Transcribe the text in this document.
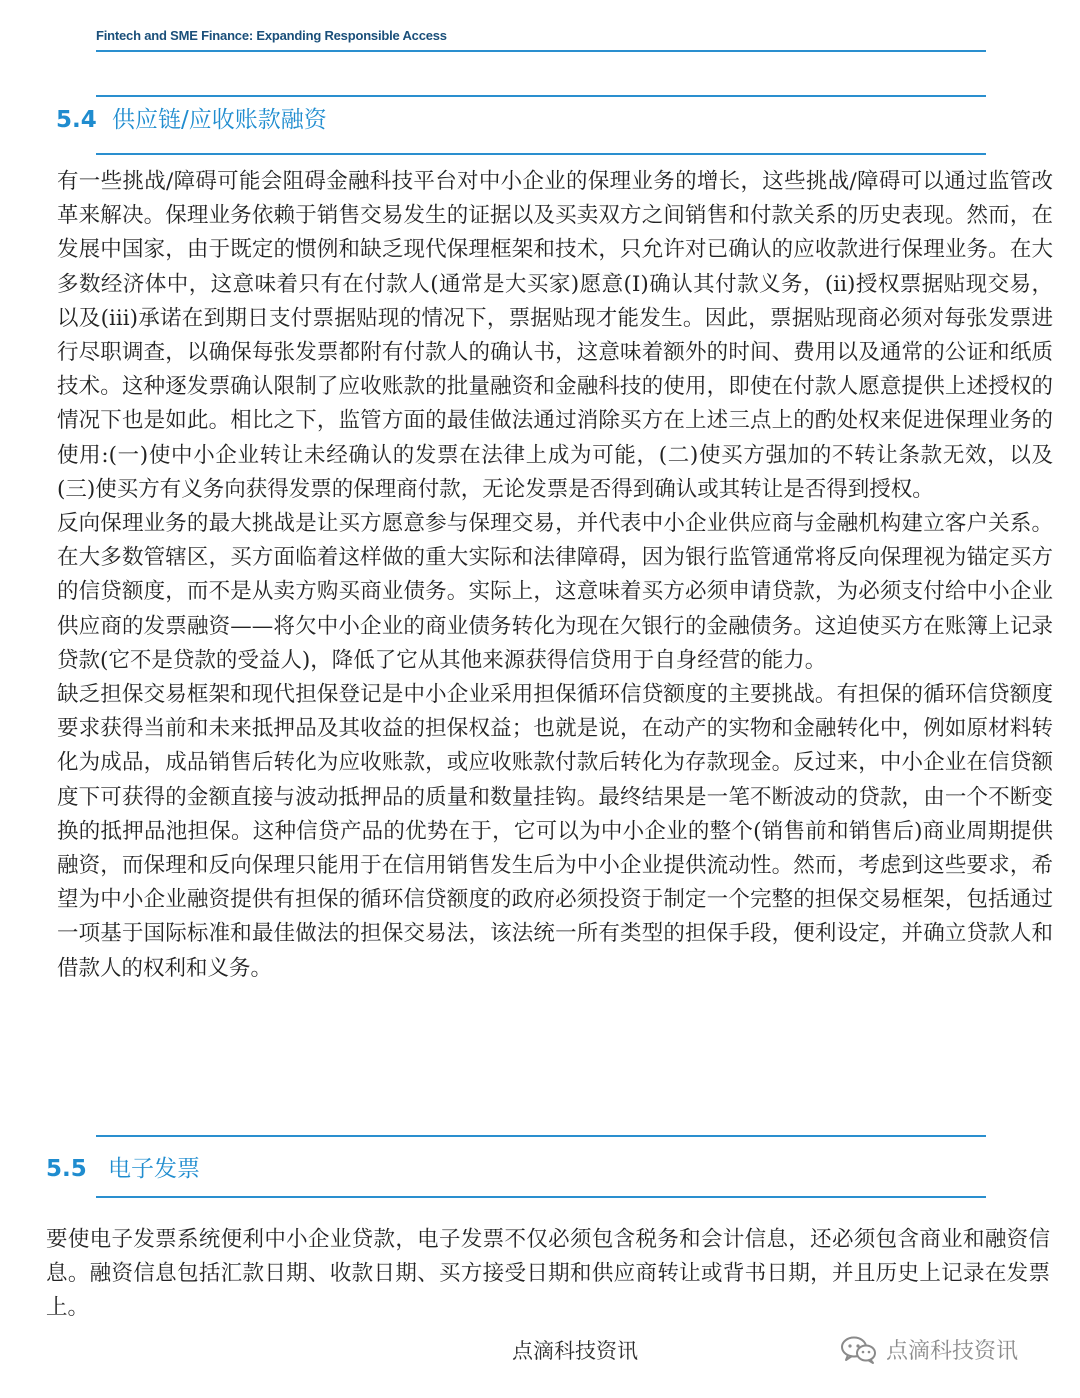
Fintech and SME Finance: Expanding Responsible Access
5.4 供应链/应收账款融资

有一些挑战/障碍可能会阻碍金融科技平台对中小企业的保理业务的增长，这些挑战/障碍可以通过监管改革来解决。保理业务依赖于销售交易发生的证据以及买卖双方之间销售和付款关系的历史表现。然而，在发展中国家，由于既定的惯例和缺乏现代保理框架和技术，只允许对已确认的应收款进行保理业务。在大多数经济体中，这意味着只有在付款人(通常是大买家)愿意(I)确认其付款义务，(ii)授权票据贴现交易，以及(iii)承诺在到期日支付票据贴现的情况下，票据贴现才能发生。因此，票据贴现商必须对每张发票进行尽职调查，以确保每张发票都附有付款人的确认书，这意味着额外的时间、费用以及通常的公证和纸质技术。这种逐发票确认限制了应收账款的批量融资和金融科技的使用，即使在付款人愿意提供上述授权的情况下也是如此。相比之下，监管方面的最佳做法通过消除买方在上述三点上的酌处权来促进保理业务的使用:(一)使中小企业转让未经确认的发票在法律上成为可能，(二)使买方强加的不转让条款无效，以及(三)使买方有义务向获得发票的保理商付款，无论发票是否得到确认或其转让是否得到授权。

反向保理业务的最大挑战是让买方愿意参与保理交易，并代表中小企业供应商与金融机构建立客户关系。在大多数管辖区，买方面临着这样做的重大实际和法律障碍，因为银行监管通常将反向保理视为锚定买方的信贷额度，而不是从卖方购买商业债务。实际上，这意味着买方必须申请贷款，为必须支付给中小企业供应商的发票融资——将欠中小企业的商业债务转化为现在欠银行的金融债务。这迫使买方在账簿上记录贷款(它不是贷款的受益人)，降低了它从其他来源获得信贷用于自身经营的能力。

缺乏担保交易框架和现代担保登记是中小企业采用担保循环信贷额度的主要挑战。有担保的循环信贷额度要求获得当前和未来抵押品及其收益的担保权益；也就是说，在动产的实物和金融转化中，例如原材料转化为成品，成品销售后转化为应收账款，或应收账款付款后转化为存款现金。反过来，中小企业在信贷额度下可获得的金额直接与波动抵押品的质量和数量挂钩。最终结果是一笔不断波动的贷款，由一个不断变换的抵押品池担保。这种信贷产品的优势在于，它可以为中小企业的整个(销售前和销售后)商业周期提供融资，而保理和反向保理只能用于在信用销售发生后为中小企业提供流动性。然而，考虑到这些要求，希望为中小企业融资提供有担保的循环信贷额度的政府必须投资于制定一个完整的担保交易框架，包括通过一项基于国际标准和最佳做法的担保交易法，该法统一所有类型的担保手段，便利设定，并确立贷款人和借款人的权利和义务。

5.5 电子发票

要使电子发票系统便利中小企业贷款，电子发票不仅必须包含税务和会计信息，还必须包含商业和融资信息。融资信息包括汇款日期、收款日期、买方接受日期和供应商转让或背书日期，并且历史上记录在发票上。

点滴科技资讯	点滴科技资讯
